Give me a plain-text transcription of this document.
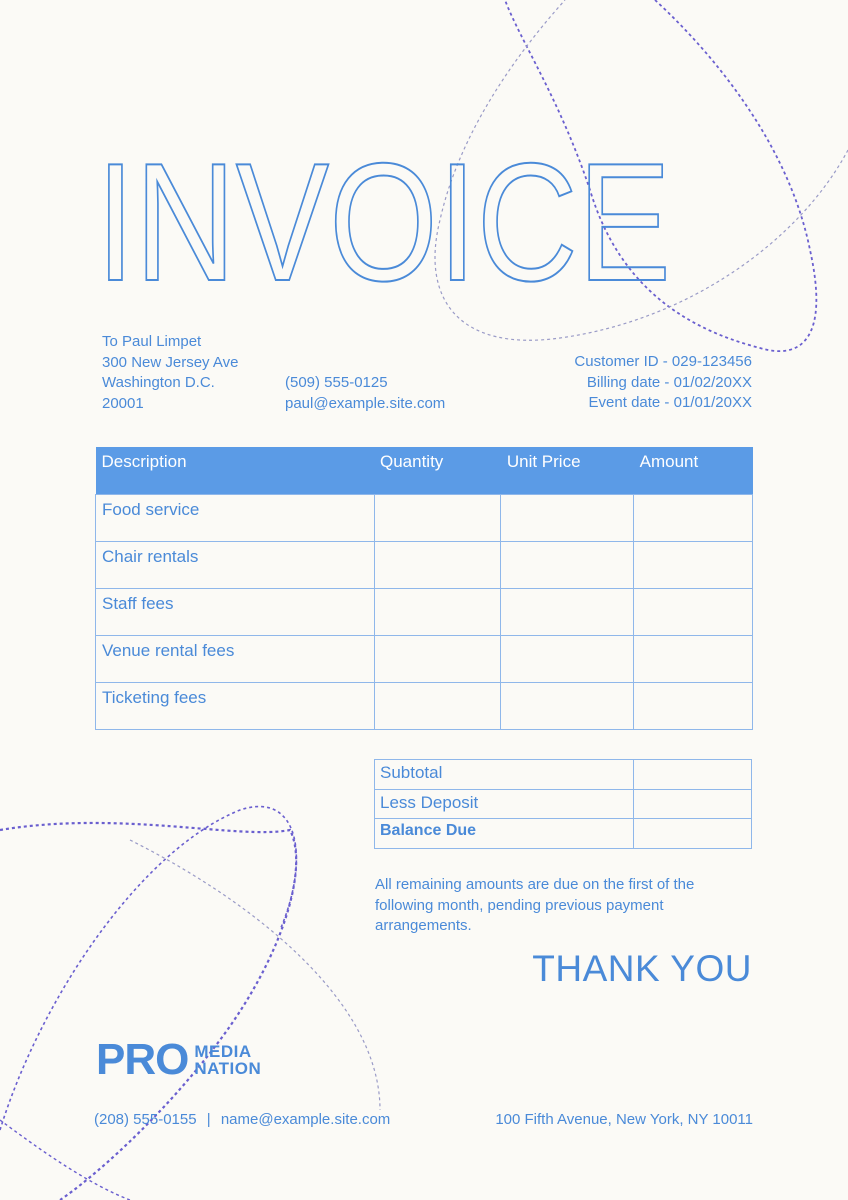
INVOICE
To Paul Limpet
300 New Jersey Ave
Washington D.C.
20001
(509) 555-0125
paul@example.site.com
Customer ID - 029-123456
Billing date - 01/02/20XX
Event date - 01/01/20XX
Description	Quantity	Unit Price	Amount
Food service			
Chair rentals			
Staff fees			
Venue rental fees			
Ticketing fees			
Subtotal	
Less Deposit	
Balance Due	
All remaining amounts are due on the first of the following month, pending previous payment arrangements.
THANK YOU
PRO MEDIA
NATION
(208) 555-0155 | name@example.site.com	100 Fifth Avenue, New York, NY 10011
